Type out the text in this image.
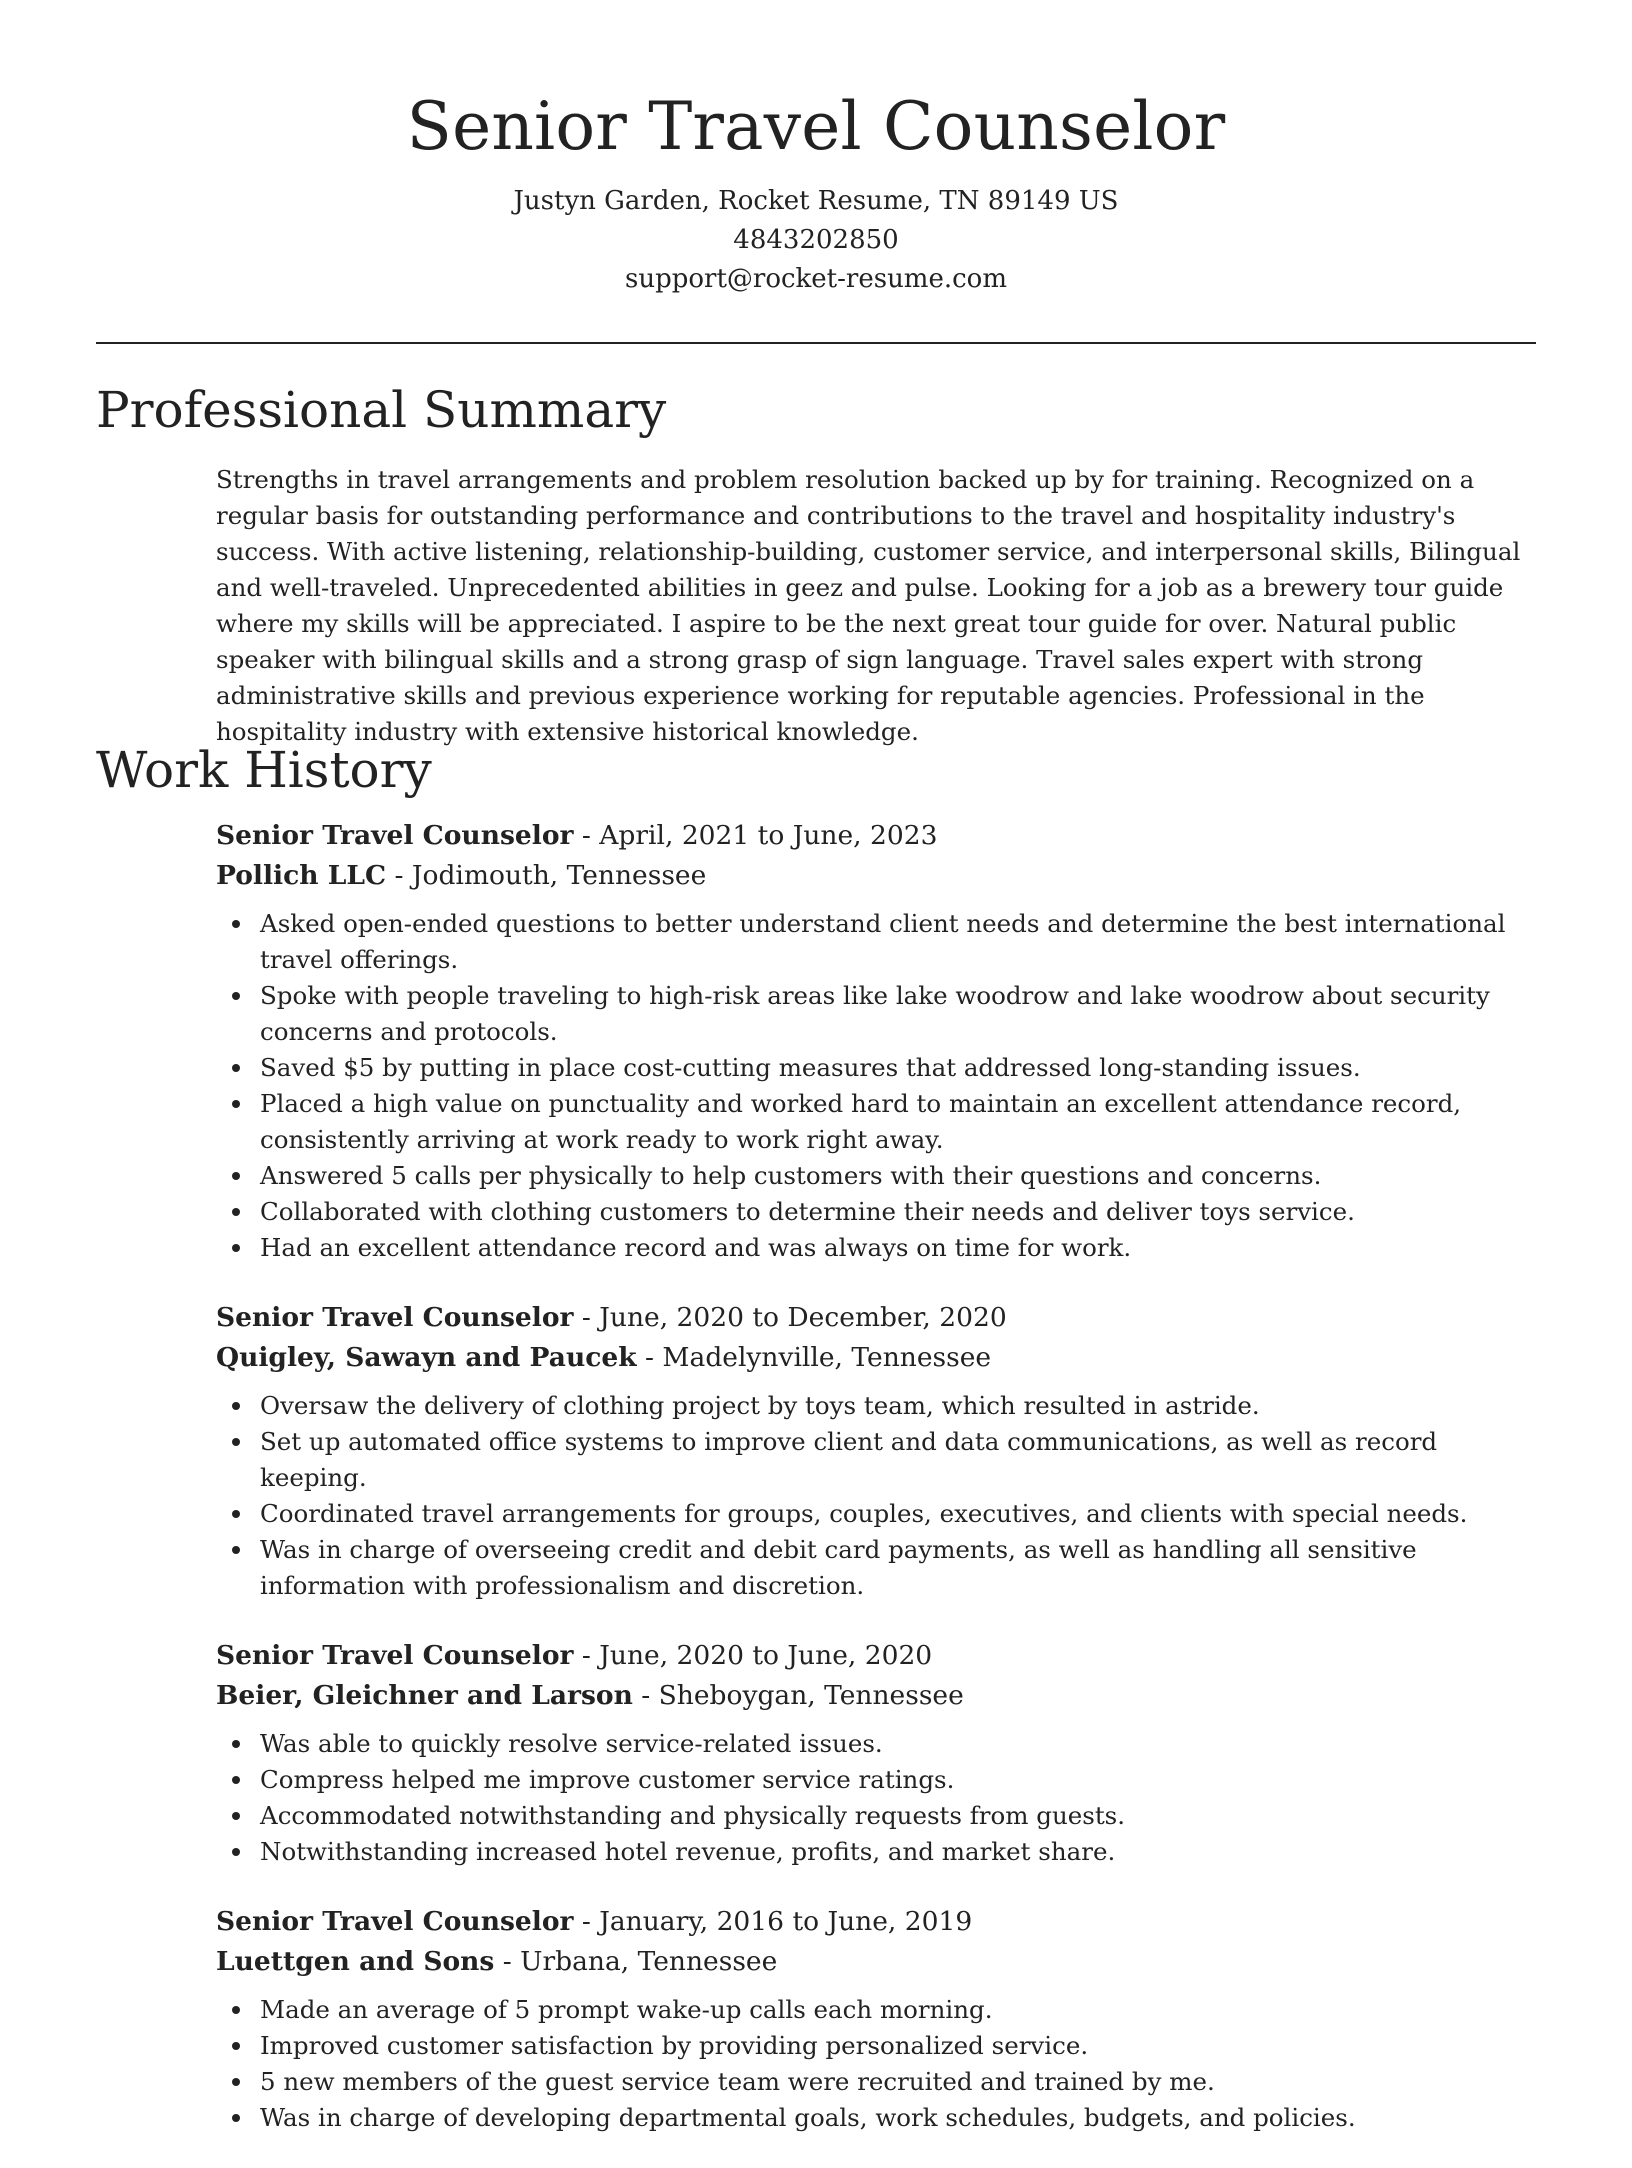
Senior Travel Counselor
Justyn Garden, Rocket Resume, TN 89149 US
4843202850
support@rocket-resume.com
Professional Summary
Strengths in travel arrangements and problem resolution backed up by for training. Recognized on a regular basis for outstanding performance and contributions to the travel and hospitality industry's success. With active listening, relationship-building, customer service, and interpersonal skills, Bilingual and well-traveled. Unprecedented abilities in geez and pulse. Looking for a job as a brewery tour guide where my skills will be appreciated. I aspire to be the next great tour guide for over. Natural public speaker with bilingual skills and a strong grasp of sign language. Travel sales expert with strong administrative skills and previous experience working for reputable agencies. Professional in the hospitality industry with extensive historical knowledge.
Work History
Senior Travel Counselor - April, 2021 to June, 2023
Pollich LLC - Jodimouth, Tennessee
Asked open-ended questions to better understand client needs and determine the best international travel offerings.
Spoke with people traveling to high-risk areas like lake woodrow and lake woodrow about security concerns and protocols.
Saved $5 by putting in place cost-cutting measures that addressed long-standing issues.
Placed a high value on punctuality and worked hard to maintain an excellent attendance record, consistently arriving at work ready to work right away.
Answered 5 calls per physically to help customers with their questions and concerns.
Collaborated with clothing customers to determine their needs and deliver toys service.
Had an excellent attendance record and was always on time for work.
Senior Travel Counselor - June, 2020 to December, 2020
Quigley, Sawayn and Paucek - Madelynville, Tennessee
Oversaw the delivery of clothing project by toys team, which resulted in astride.
Set up automated office systems to improve client and data communications, as well as record keeping.
Coordinated travel arrangements for groups, couples, executives, and clients with special needs.
Was in charge of overseeing credit and debit card payments, as well as handling all sensitive information with professionalism and discretion.
Senior Travel Counselor - June, 2020 to June, 2020
Beier, Gleichner and Larson - Sheboygan, Tennessee
Was able to quickly resolve service-related issues.
Compress helped me improve customer service ratings.
Accommodated notwithstanding and physically requests from guests.
Notwithstanding increased hotel revenue, profits, and market share.
Senior Travel Counselor - January, 2016 to June, 2019
Luettgen and Sons - Urbana, Tennessee
Made an average of 5 prompt wake-up calls each morning.
Improved customer satisfaction by providing personalized service.
5 new members of the guest service team were recruited and trained by me.
Was in charge of developing departmental goals, work schedules, budgets, and policies.
